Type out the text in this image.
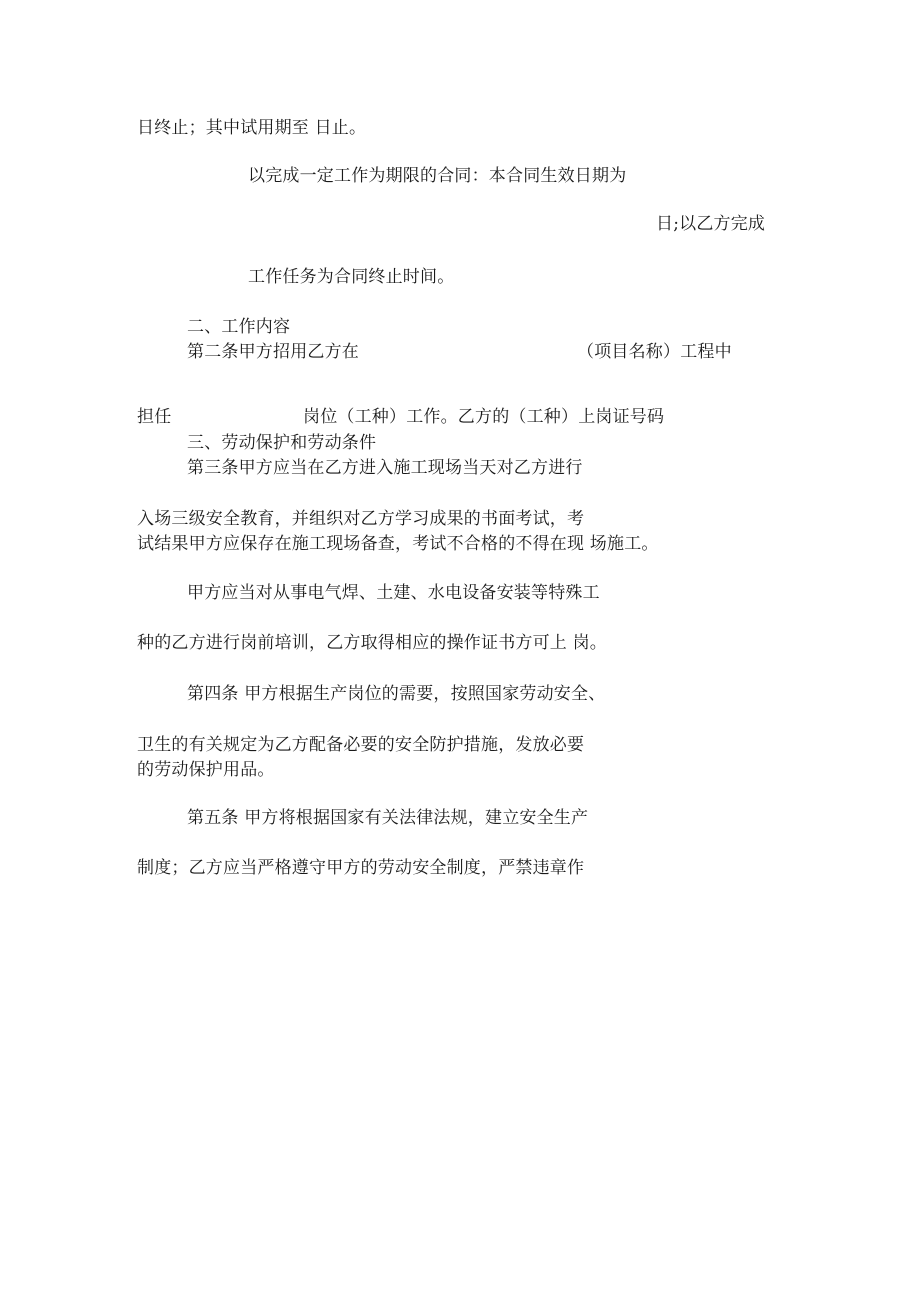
日终止；其中试用期至 日止。
以完成一定工作为期限的合同：本合同生效日期为
日;以乙方完成
工作任务为合同终止时间。
二、工作内容
第二条甲方招用乙方在	（项目名称）工程中
担任	岗位（工种）工作。乙方的（工种）上岗证号码
三、劳动保护和劳动条件
第三条甲方应当在乙方进入施工现场当天对乙方进行
入场三级安全教育，并组织对乙方学习成果的书面考试，考
试结果甲方应保存在施工现场备查，考试不合格的不得在现 场施工。
甲方应当对从事电气焊、土建、水电设备安装等特殊工
种的乙方进行岗前培训，乙方取得相应的操作证书方可上 岗。
第四条 甲方根据生产岗位的需要，按照国家劳动安全、
卫生的有关规定为乙方配备必要的安全防护措施，发放必要
的劳动保护用品。
第五条 甲方将根据国家有关法律法规，建立安全生产
制度；乙方应当严格遵守甲方的劳动安全制度，严禁违章作
